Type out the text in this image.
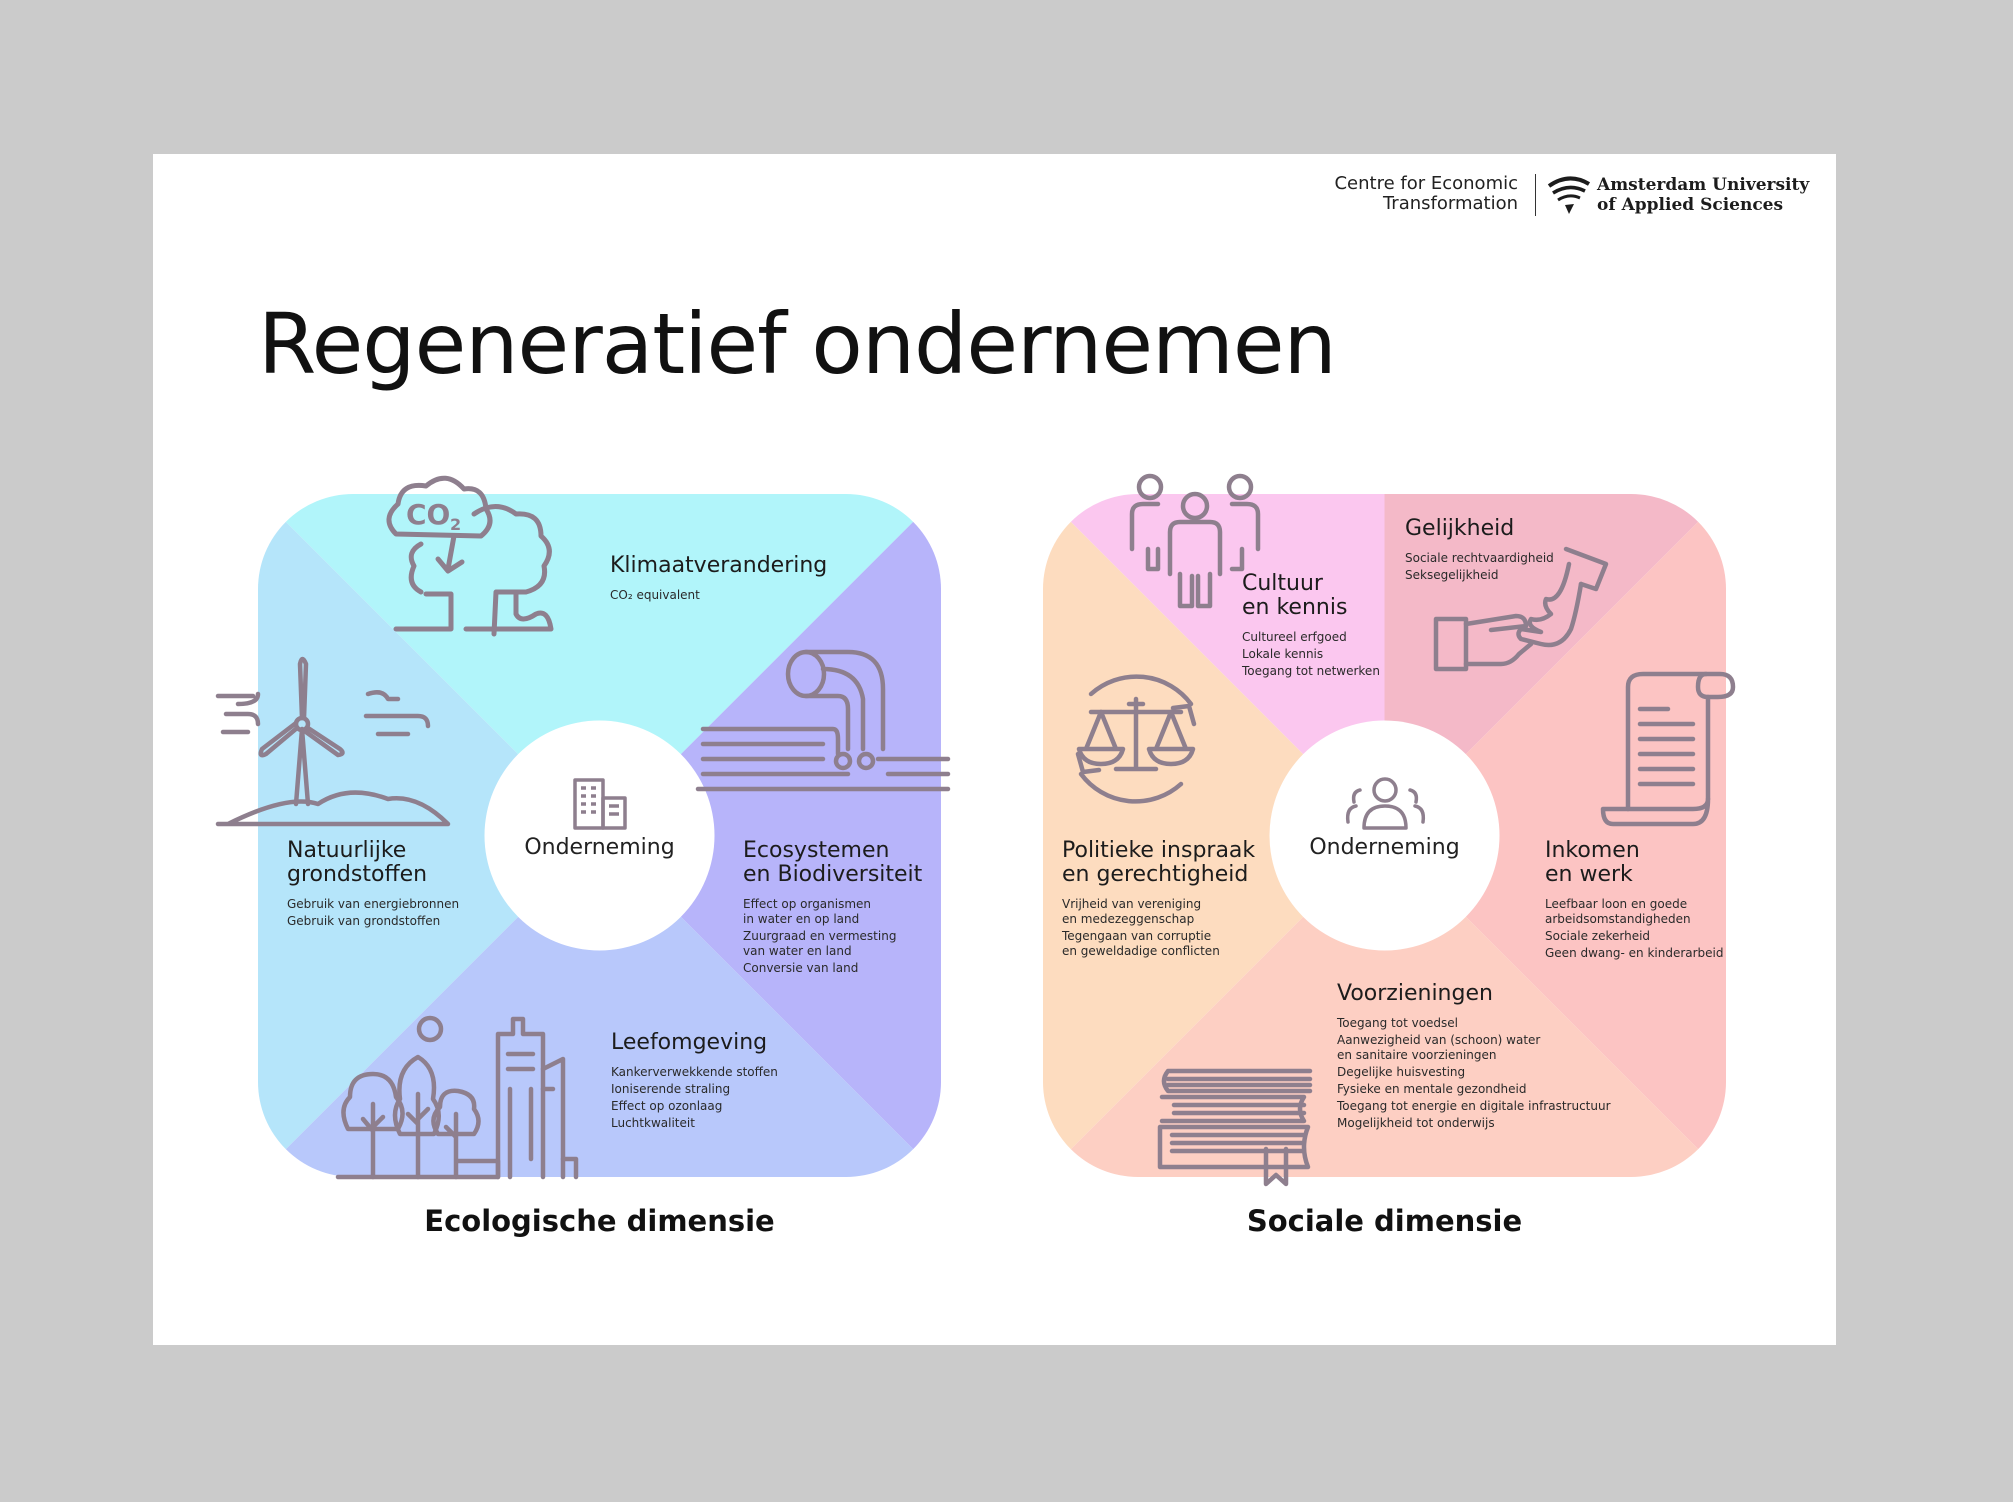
Centre for Economic
Transformation
Amsterdam University
of Applied Sciences
Regeneratief ondernemen
CO 2
Onderneming
Klimaatverandering
CO₂ equivalent
Natuurlijke
grondstoffen
Gebruik van energiebronnen
Gebruik van grondstoffen
Ecosystemen
en Biodiversiteit
Effect op organismen
in water en op land
Zuurgraad en vermesting
van water en land
Conversie van land
Leefomgeving
Kankerverwekkende stoffen
Ioniserende straling
Effect op ozonlaag
Luchtkwaliteit
Onderneming
Cultuur
en kennis
Cultureel erfgoed
Lokale kennis
Toegang tot netwerken
Gelijkheid
Sociale rechtvaardigheid
Seksegelijkheid
Politieke inspraak
en gerechtigheid
Vrijheid van vereniging
en medezeggenschap
Tegengaan van corruptie
en geweldadige conflicten
Inkomen
en werk
Leefbaar loon en goede
arbeidsomstandigheden
Sociale zekerheid
Geen dwang- en kinderarbeid
Voorzieningen
Toegang tot voedsel
Aanwezigheid van (schoon) water
en sanitaire voorzieningen
Degelijke huisvesting
Fysieke en mentale gezondheid
Toegang tot energie en digitale infrastructuur
Mogelijkheid tot onderwijs
Ecologische dimensie	Sociale dimensie
